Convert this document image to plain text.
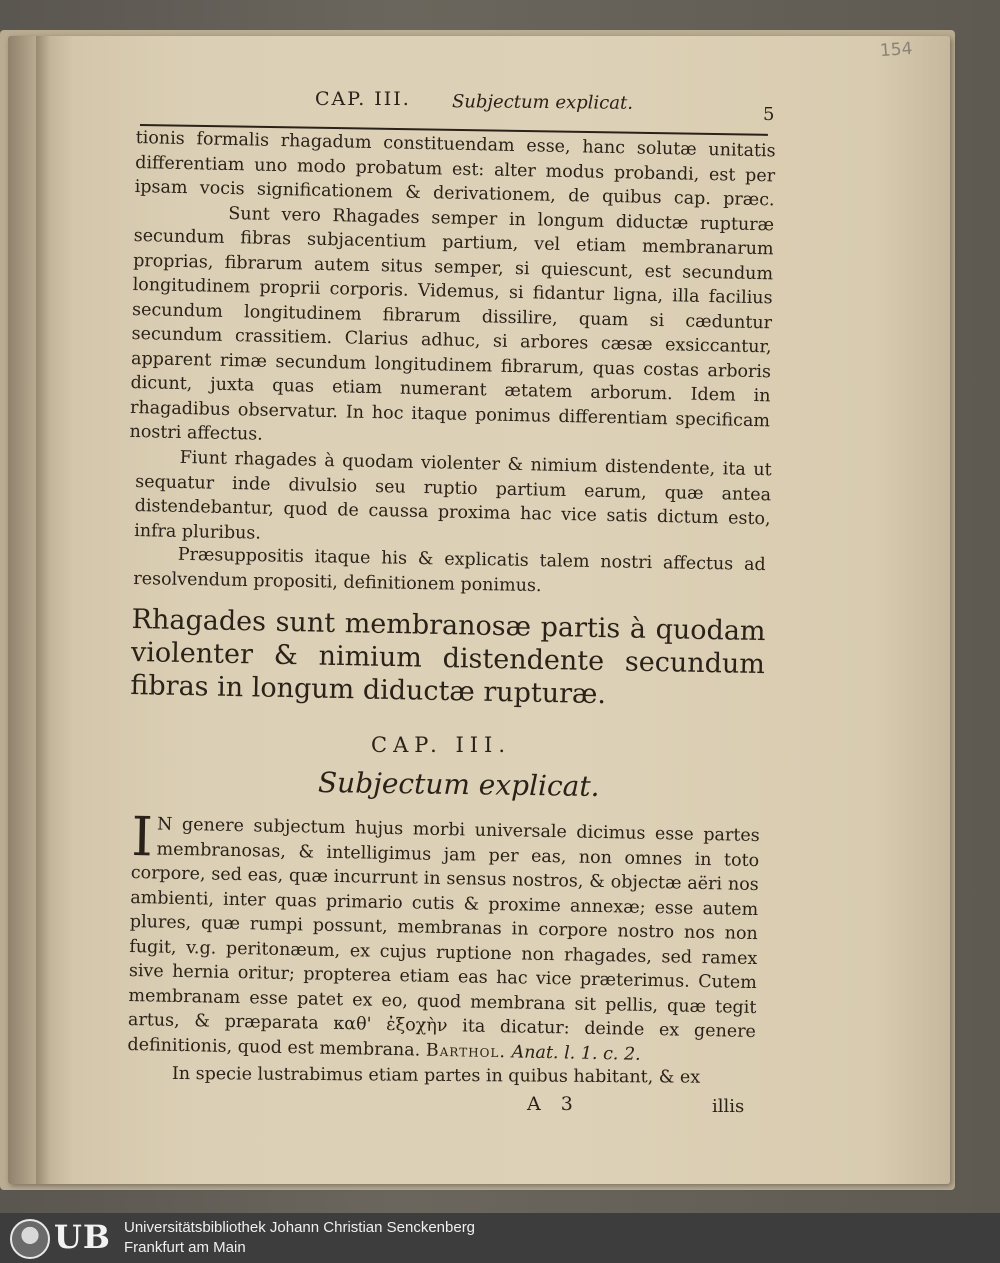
154
CAP. III. Subjectum explicat.
5
tionis formalis rhagadum constituendam esse, hanc solutæ unitatis differentiam uno modo probatum est: alter modus probandi, est per ipsam vocis significationem & derivationem, de quibus cap. præc.         Sunt vero Rhagades semper in longum diductæ rupturæ secundum fibras subjacentium partium, vel etiam membranarum proprias, fibrarum autem situs semper, si quiescunt, est secundum longitudinem proprii corporis. Videmus, si fidantur ligna, illa facilius secundum longitudinem fibrarum dissilire, quam si cæduntur secundum crassitiem. Clarius adhuc, si arbores cæsæ exsiccantur, apparent rimæ secundum longitudinem fibrarum, quas costas arboris dicunt, juxta quas etiam numerant ætatem arborum. Idem in rhagadibus observatur. In hoc itaque ponimus differentiam specificam nostri affectus.
Fiunt rhagades à quodam violenter & nimium distendente, ita ut sequatur inde divulsio seu ruptio partium earum, quæ antea distendebantur, quod de caussa proxima hac vice satis dictum esto, infra pluribus.
Præsuppositis itaque his & explicatis talem nostri affectus ad resolvendum propositi, definitionem ponimus.
Rhagades sunt membranosæ partis à quodam violenter & nimium distendente secundum fibras in longum diductæ rupturæ.
CAP. III.
Subjectum explicat.
I N genere subjectum hujus morbi universale dicimus esse partes membranosas, & intelligimus jam per eas, non omnes in toto corpore, sed eas, quæ incurrunt in sensus nostros, & objectæ aëri nos ambienti, inter quas primario cutis & proxime annexæ; esse autem plures, quæ rumpi possunt, membranas in corpore nostro nos non fugit, v.g. peritonæum, ex cujus ruptione non rhagades, sed ramex sive hernia oritur; propterea etiam eas hac vice præterimus. Cutem membranam esse patet ex eo, quod membrana sit pellis, quæ tegit artus, & præparata καθ' ἐξοχὴν ita dicatur: deinde ex genere definitionis, quod est membrana. Barthol. Anat. l. 1. c. 2.
In specie lustrabimus etiam partes in quibus habitant, & ex
A 3	illis
UB Universitätsbibliothek Johann Christian Senckenberg
Frankfurt am Main
